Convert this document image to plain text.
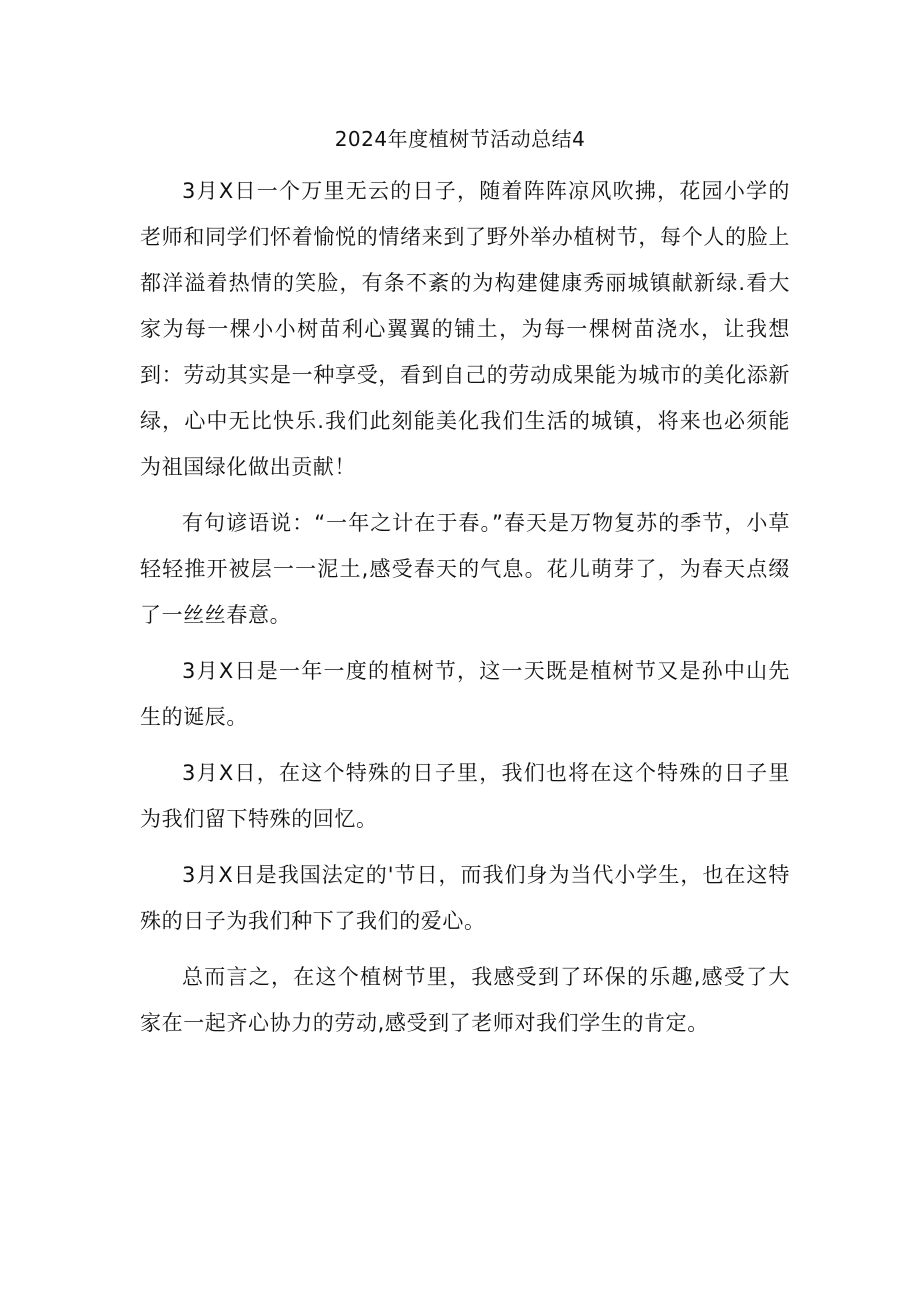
2024年度植树节活动总结4

3月X日一个万里无云的日子，随着阵阵凉风吹拂，花园小学的老师和同学们怀着愉悦的情绪来到了野外举办植树节，每个人的脸上都洋溢着热情的笑脸，有条不紊的为构建健康秀丽城镇献新绿.看大家为每一棵小小树苗利心翼翼的铺土，为每一棵树苗浇水，让我想到：劳动其实是一种享受，看到自己的劳动成果能为城市的美化添新绿，心中无比快乐.我们此刻能美化我们生活的城镇，将来也必须能为祖国绿化做出贡献！

有句谚语说：“一年之计在于春。”春天是万物复苏的季节，小草轻轻推开被层一一泥土,感受春天的气息。花儿萌芽了，为春天点缀了一丝丝春意。

3月X日是一年一度的植树节，这一天既是植树节又是孙中山先生的诞辰。

3月X日，在这个特殊的日子里，我们也将在这个特殊的日子里为我们留下特殊的回忆。

3月X日是我国法定的'节日，而我们身为当代小学生，也在这特殊的日子为我们种下了我们的爱心。

总而言之，在这个植树节里，我感受到了环保的乐趣,感受了大家在一起齐心协力的劳动,感受到了老师对我们学生的肯定。
